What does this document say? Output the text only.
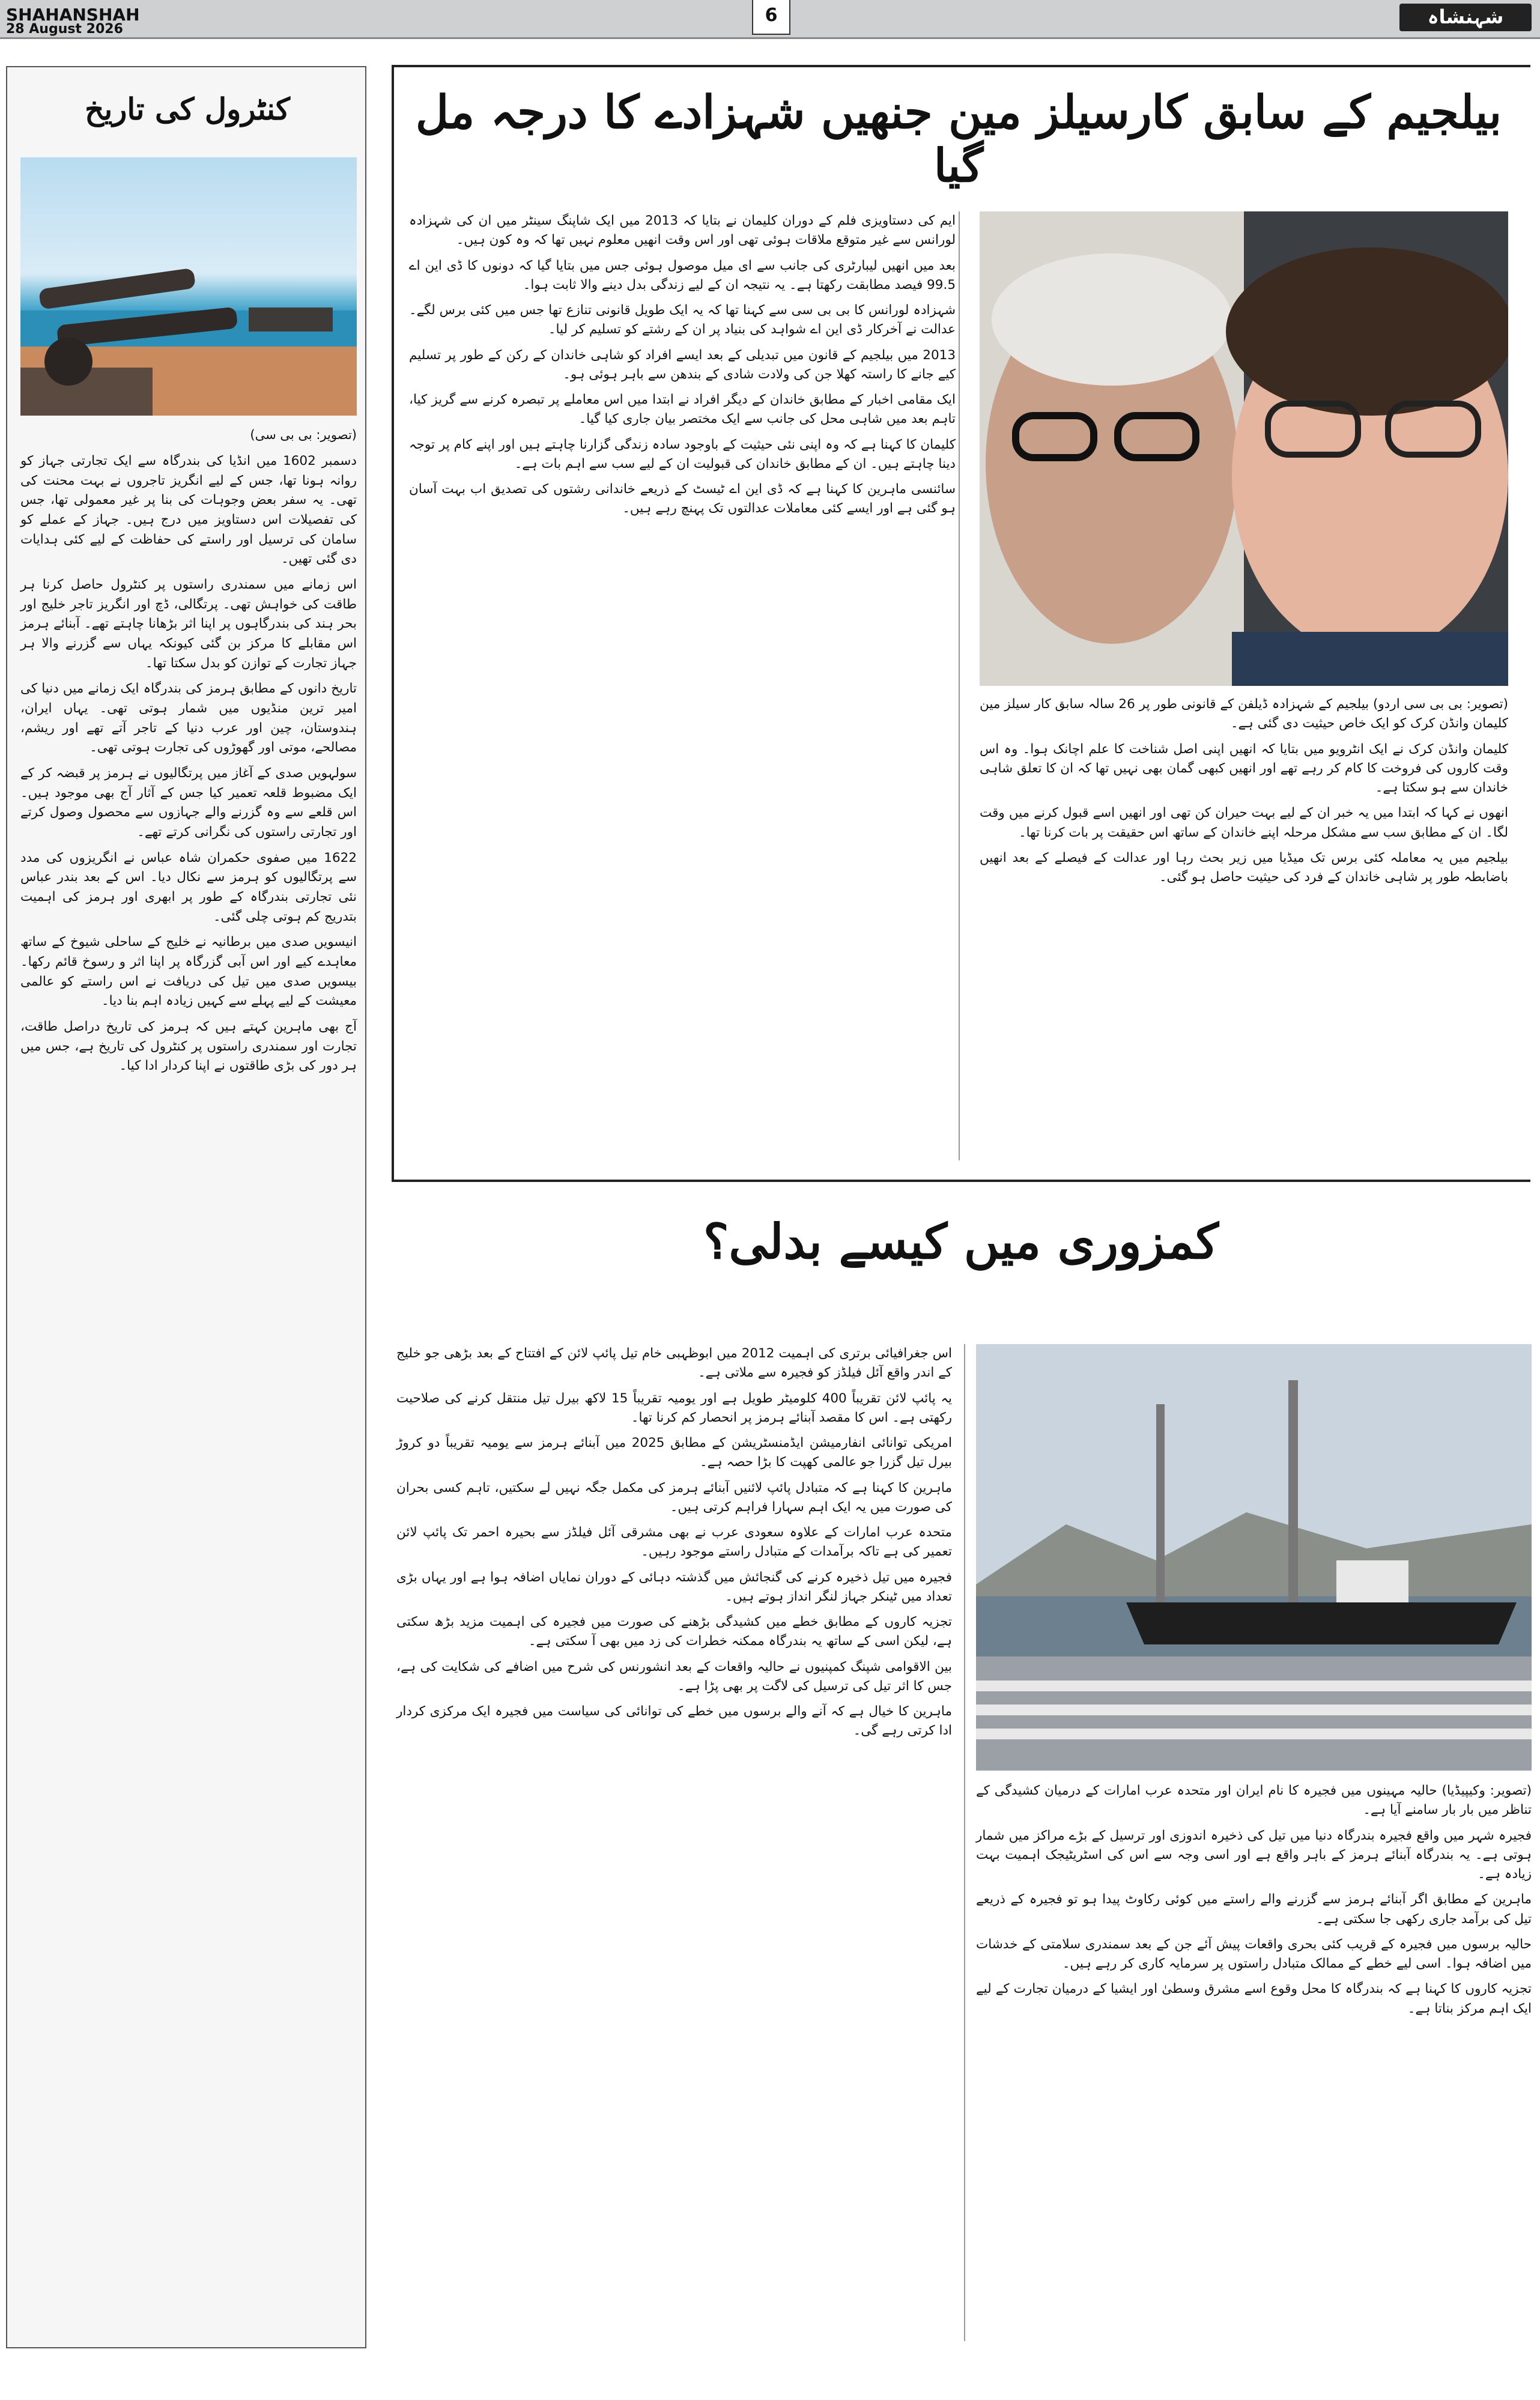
SHAHANSHAH
28 August 2026
6	شہنشاہ
کنٹرول کی تاریخ
(تصویر: بی بی سی)

دسمبر 1602 میں انڈیا کی بندرگاہ سے ایک تجارتی جہاز کو روانہ ہونا تھا، جس کے لیے انگریز تاجروں نے بہت محنت کی تھی۔ یہ سفر بعض وجوہات کی بنا پر غیر معمولی تھا، جس کی تفصیلات اس دستاویز میں درج ہیں۔ جہاز کے عملے کو سامان کی ترسیل اور راستے کی حفاظت کے لیے کئی ہدایات دی گئی تھیں۔

اس زمانے میں سمندری راستوں پر کنٹرول حاصل کرنا ہر طاقت کی خواہش تھی۔ پرتگالی، ڈچ اور انگریز تاجر خلیج اور بحر ہند کی بندرگاہوں پر اپنا اثر بڑھانا چاہتے تھے۔ آبنائے ہرمز اس مقابلے کا مرکز بن گئی کیونکہ یہاں سے گزرنے والا ہر جہاز تجارت کے توازن کو بدل سکتا تھا۔

تاریخ دانوں کے مطابق ہرمز کی بندرگاہ ایک زمانے میں دنیا کی امیر ترین منڈیوں میں شمار ہوتی تھی۔ یہاں ایران، ہندوستان، چین اور عرب دنیا کے تاجر آتے تھے اور ریشم، مصالحے، موتی اور گھوڑوں کی تجارت ہوتی تھی۔

سولہویں صدی کے آغاز میں پرتگالیوں نے ہرمز پر قبضہ کر کے ایک مضبوط قلعہ تعمیر کیا جس کے آثار آج بھی موجود ہیں۔ اس قلعے سے وہ گزرنے والے جہازوں سے محصول وصول کرتے اور تجارتی راستوں کی نگرانی کرتے تھے۔

1622 میں صفوی حکمران شاہ عباس نے انگریزوں کی مدد سے پرتگالیوں کو ہرمز سے نکال دیا۔ اس کے بعد بندر عباس نئی تجارتی بندرگاہ کے طور پر ابھری اور ہرمز کی اہمیت بتدریج کم ہوتی چلی گئی۔

انیسویں صدی میں برطانیہ نے خلیج کے ساحلی شیوخ کے ساتھ معاہدے کیے اور اس آبی گزرگاہ پر اپنا اثر و رسوخ قائم رکھا۔ بیسویں صدی میں تیل کی دریافت نے اس راستے کو عالمی معیشت کے لیے پہلے سے کہیں زیادہ اہم بنا دیا۔

آج بھی ماہرین کہتے ہیں کہ ہرمز کی تاریخ دراصل طاقت، تجارت اور سمندری راستوں پر کنٹرول کی تاریخ ہے، جس میں ہر دور کی بڑی طاقتوں نے اپنا کردار ادا کیا۔

بیلجیم کے سابق کارسیلز مین جنھیں شہزادے کا درجہ مل گیا

(تصویر: بی بی سی اردو) بیلجیم کے شہزادہ ڈیلفن کے قانونی طور پر 26 سالہ سابق کار سیلز مین کلیمان وانڈن کرک کو ایک خاص حیثیت دی گئی ہے۔

کلیمان وانڈن کرک نے ایک انٹرویو میں بتایا کہ انھیں اپنی اصل شناخت کا علم اچانک ہوا۔ وہ اس وقت کاروں کی فروخت کا کام کر رہے تھے اور انھیں کبھی گمان بھی نہیں تھا کہ ان کا تعلق شاہی خاندان سے ہو سکتا ہے۔

انھوں نے کہا کہ ابتدا میں یہ خبر ان کے لیے بہت حیران کن تھی اور انھیں اسے قبول کرنے میں وقت لگا۔ ان کے مطابق سب سے مشکل مرحلہ اپنے خاندان کے ساتھ اس حقیقت پر بات کرنا تھا۔

بیلجیم میں یہ معاملہ کئی برس تک میڈیا میں زیر بحث رہا اور عدالت کے فیصلے کے بعد انھیں باضابطہ طور پر شاہی خاندان کے فرد کی حیثیت حاصل ہو گئی۔

ایم کی دستاویزی فلم کے دوران کلیمان نے بتایا کہ 2013 میں ایک شاپنگ سینٹر میں ان کی شہزادہ لورانس سے غیر متوقع ملاقات ہوئی تھی اور اس وقت انھیں معلوم نہیں تھا کہ وہ کون ہیں۔

بعد میں انھیں لیبارٹری کی جانب سے ای میل موصول ہوئی جس میں بتایا گیا کہ دونوں کا ڈی این اے 99.5 فیصد مطابقت رکھتا ہے۔ یہ نتیجہ ان کے لیے زندگی بدل دینے والا ثابت ہوا۔

شہزادہ لورانس کا بی بی سی سے کہنا تھا کہ یہ ایک طویل قانونی تنازع تھا جس میں کئی برس لگے۔ عدالت نے آخرکار ڈی این اے شواہد کی بنیاد پر ان کے رشتے کو تسلیم کر لیا۔

2013 میں بیلجیم کے قانون میں تبدیلی کے بعد ایسے افراد کو شاہی خاندان کے رکن کے طور پر تسلیم کیے جانے کا راستہ کھلا جن کی ولادت شادی کے بندھن سے باہر ہوئی ہو۔

ایک مقامی اخبار کے مطابق خاندان کے دیگر افراد نے ابتدا میں اس معاملے پر تبصرہ کرنے سے گریز کیا، تاہم بعد میں شاہی محل کی جانب سے ایک مختصر بیان جاری کیا گیا۔

کلیمان کا کہنا ہے کہ وہ اپنی نئی حیثیت کے باوجود سادہ زندگی گزارنا چاہتے ہیں اور اپنے کام پر توجہ دینا چاہتے ہیں۔ ان کے مطابق خاندان کی قبولیت ان کے لیے سب سے اہم بات ہے۔

سائنسی ماہرین کا کہنا ہے کہ ڈی این اے ٹیسٹ کے ذریعے خاندانی رشتوں کی تصدیق اب بہت آسان ہو گئی ہے اور ایسے کئی معاملات عدالتوں تک پہنچ رہے ہیں۔

کمزوری میں کیسے بدلی؟

(تصویر: وکیپیڈیا) حالیہ مہینوں میں فجیرہ کا نام ایران اور متحدہ عرب امارات کے درمیان کشیدگی کے تناظر میں بار بار سامنے آیا ہے۔

فجیرہ شہر میں واقع فجیرہ بندرگاہ دنیا میں تیل کی ذخیرہ اندوزی اور ترسیل کے بڑے مراکز میں شمار ہوتی ہے۔ یہ بندرگاہ آبنائے ہرمز کے باہر واقع ہے اور اسی وجہ سے اس کی اسٹریٹیجک اہمیت بہت زیادہ ہے۔

ماہرین کے مطابق اگر آبنائے ہرمز سے گزرنے والے راستے میں کوئی رکاوٹ پیدا ہو تو فجیرہ کے ذریعے تیل کی برآمد جاری رکھی جا سکتی ہے۔

حالیہ برسوں میں فجیرہ کے قریب کئی بحری واقعات پیش آئے جن کے بعد سمندری سلامتی کے خدشات میں اضافہ ہوا۔ اسی لیے خطے کے ممالک متبادل راستوں پر سرمایہ کاری کر رہے ہیں۔

تجزیہ کاروں کا کہنا ہے کہ بندرگاہ کا محل وقوع اسے مشرق وسطیٰ اور ایشیا کے درمیان تجارت کے لیے ایک اہم مرکز بناتا ہے۔

اس جغرافیائی برتری کی اہمیت 2012 میں ابوظہبی خام تیل پائپ لائن کے افتتاح کے بعد بڑھی جو خلیج کے اندر واقع آئل فیلڈز کو فجیرہ سے ملاتی ہے۔

یہ پائپ لائن تقریباً 400 کلومیٹر طویل ہے اور یومیہ تقریباً 15 لاکھ بیرل تیل منتقل کرنے کی صلاحیت رکھتی ہے۔ اس کا مقصد آبنائے ہرمز پر انحصار کم کرنا تھا۔

امریکی توانائی انفارمیشن ایڈمنسٹریشن کے مطابق 2025 میں آبنائے ہرمز سے یومیہ تقریباً دو کروڑ بیرل تیل گزرا جو عالمی کھپت کا بڑا حصہ ہے۔

ماہرین کا کہنا ہے کہ متبادل پائپ لائنیں آبنائے ہرمز کی مکمل جگہ نہیں لے سکتیں، تاہم کسی بحران کی صورت میں یہ ایک اہم سہارا فراہم کرتی ہیں۔

متحدہ عرب امارات کے علاوہ سعودی عرب نے بھی مشرقی آئل فیلڈز سے بحیرہ احمر تک پائپ لائن تعمیر کی ہے تاکہ برآمدات کے متبادل راستے موجود رہیں۔

فجیرہ میں تیل ذخیرہ کرنے کی گنجائش میں گذشتہ دہائی کے دوران نمایاں اضافہ ہوا ہے اور یہاں بڑی تعداد میں ٹینکر جہاز لنگر انداز ہوتے ہیں۔

تجزیہ کاروں کے مطابق خطے میں کشیدگی بڑھنے کی صورت میں فجیرہ کی اہمیت مزید بڑھ سکتی ہے، لیکن اسی کے ساتھ یہ بندرگاہ ممکنہ خطرات کی زد میں بھی آ سکتی ہے۔

بین الاقوامی شپنگ کمپنیوں نے حالیہ واقعات کے بعد انشورنس کی شرح میں اضافے کی شکایت کی ہے، جس کا اثر تیل کی ترسیل کی لاگت پر بھی پڑا ہے۔

ماہرین کا خیال ہے کہ آنے والے برسوں میں خطے کی توانائی کی سیاست میں فجیرہ ایک مرکزی کردار ادا کرتی رہے گی۔
